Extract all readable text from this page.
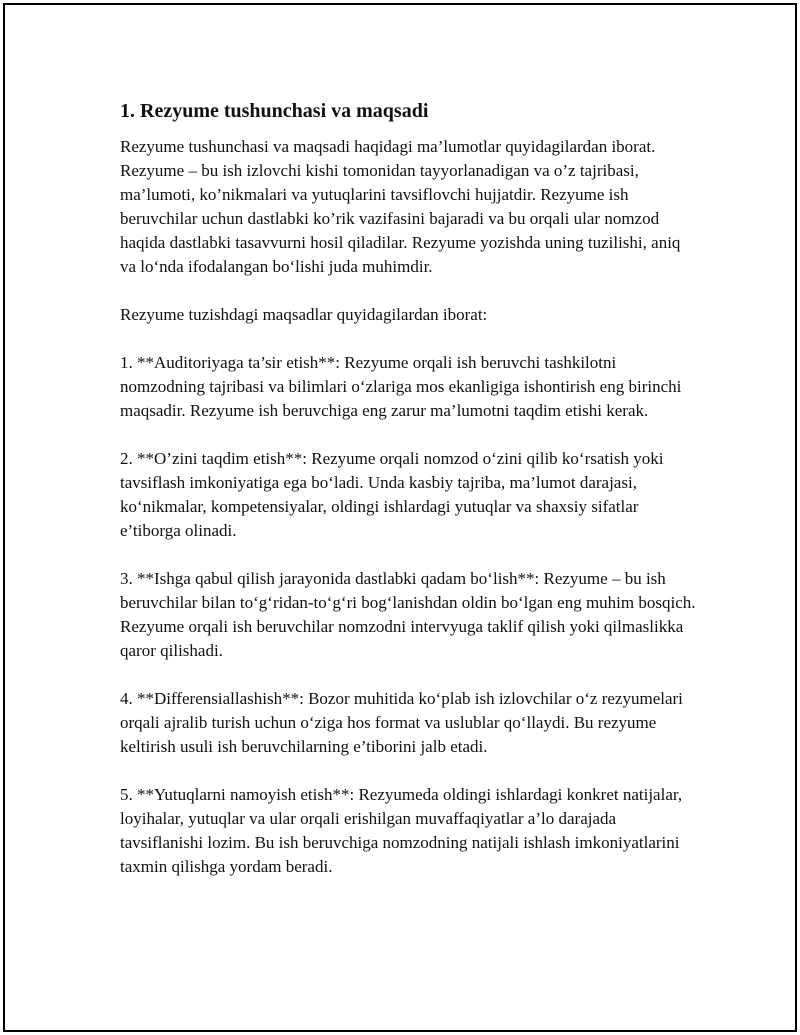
1. Rezyume tushunchasi va maqsadi

Rezyume tushunchasi va maqsadi haqidagi ma’lumotlar quyidagilardan iborat. Rezyume – bu ish izlovchi kishi tomonidan tayyorlanadigan va o’z tajribasi, ma’lumoti, ko’nikmalari va yutuqlarini tavsiflovchi hujjatdir. Rezyume ish beruvchilar uchun dastlabki ko’rik vazifasini bajaradi va bu orqali ular nomzod haqida dastlabki tasavvurni hosil qiladilar. Rezyume yozishda uning tuzilishi, aniq va lo‘nda ifodalangan bo‘lishi juda muhimdir.

Rezyume tuzishdagi maqsadlar quyidagilardan iborat:

1. **Auditoriyaga ta’sir etish**: Rezyume orqali ish beruvchi tashkilotni nomzodning tajribasi va bilimlari o‘zlariga mos ekanligiga ishontirish eng birinchi maqsadir. Rezyume ish beruvchiga eng zarur ma’lumotni taqdim etishi kerak.

2. **O’zini taqdim etish**: Rezyume orqali nomzod o‘zini qilib ko‘rsatish yoki tavsiflash imkoniyatiga ega bo‘ladi. Unda kasbiy tajriba, ma’lumot darajasi, ko‘nikmalar, kompetensiyalar, oldingi ishlardagi yutuqlar va shaxsiy sifatlar e’tiborga olinadi.

3. **Ishga qabul qilish jarayonida dastlabki qadam bo‘lish**: Rezyume – bu ish beruvchilar bilan to‘g‘ridan-to‘g‘ri bog‘lanishdan oldin bo‘lgan eng muhim bosqich. Rezyume orqali ish beruvchilar nomzodni intervyuga taklif qilish yoki qilmaslikka qaror qilishadi.

4. **Differensiallashish**: Bozor muhitida ko‘plab ish izlovchilar o‘z rezyumelari orqali ajralib turish uchun o‘ziga hos format va uslublar qo‘llaydi. Bu rezyume keltirish usuli ish beruvchilarning e’tiborini jalb etadi.

5. **Yutuqlarni namoyish etish**: Rezyumeda oldingi ishlardagi konkret natijalar, loyihalar, yutuqlar va ular orqali erishilgan muvaffaqiyatlar a’lo darajada tavsiflanishi lozim. Bu ish beruvchiga nomzodning natijali ishlash imkoniyatlarini taxmin qilishga yordam beradi.
